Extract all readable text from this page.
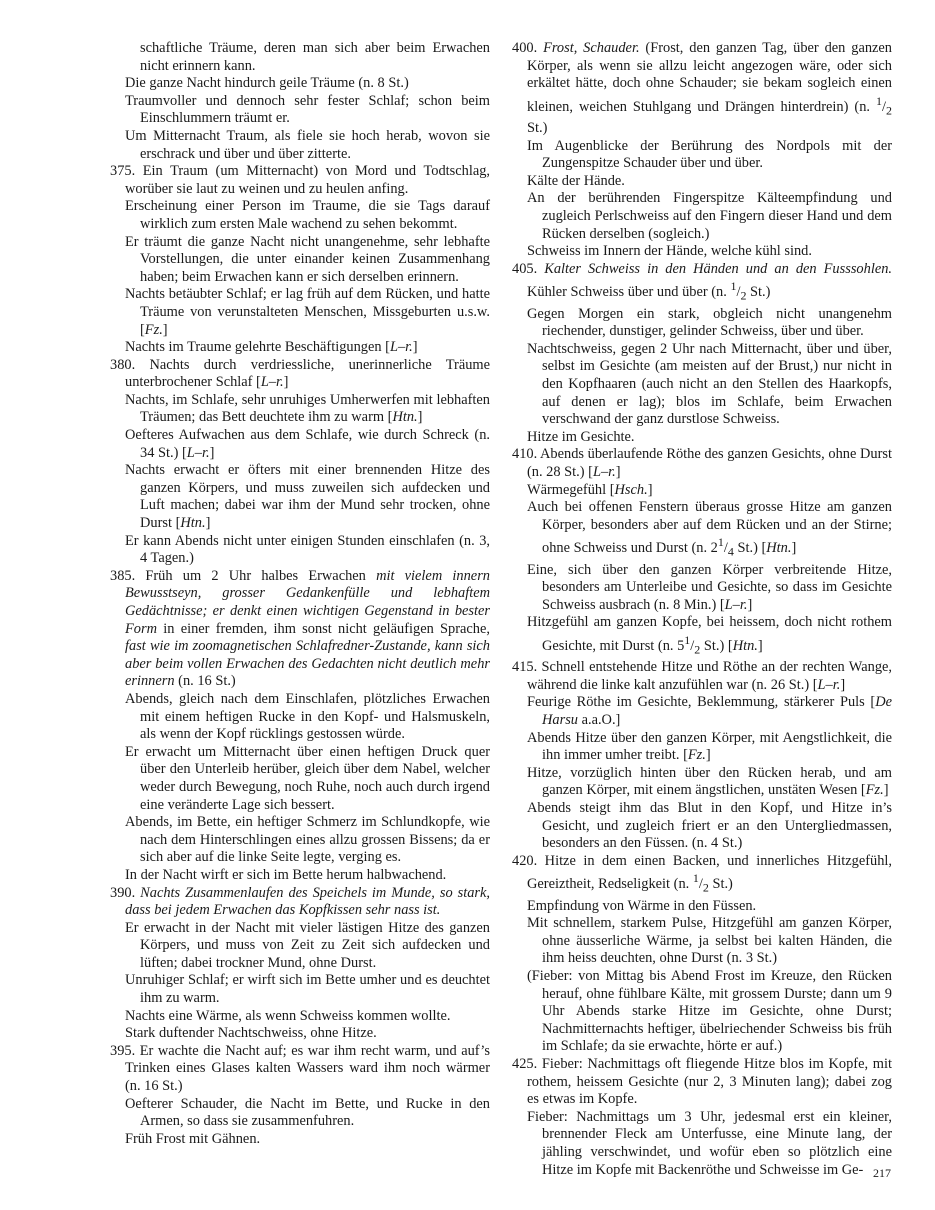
schaftliche Träume, deren man sich aber beim Erwachen nicht erinnern kann.

Die ganze Nacht hindurch geile Träume (n. 8 St.)

Traumvoller und dennoch sehr fester Schlaf; schon beim Einschlummern träumt er.

Um Mitternacht Traum, als fiele sie hoch herab, wovon sie erschrack und über und über zitterte.

375. Ein Traum (um Mitternacht) von Mord und Todtschlag, worüber sie laut zu weinen und zu heulen anfing.

Erscheinung einer Person im Traume, die sie Tags darauf wirklich zum ersten Male wachend zu sehen bekommt.

Er träumt die ganze Nacht nicht unangenehme, sehr lebhafte Vorstellungen, die unter einander keinen Zusammenhang haben; beim Erwachen kann er sich derselben erinnern.

Nachts betäubter Schlaf; er lag früh auf dem Rücken, und hatte Träume von verunstalteten Menschen, Missgeburten u.s.w. [Fz.]

Nachts im Traume gelehrte Beschäftigungen [L–r.]

380. Nachts durch verdriessliche, unerinnerliche Träume unterbrochener Schlaf [L–r.]

Nachts, im Schlafe, sehr unruhiges Umherwerfen mit lebhaften Träumen; das Bett deuchtete ihm zu warm [Htn.]

Oefteres Aufwachen aus dem Schlafe, wie durch Schreck (n. 34 St.) [L–r.]

Nachts erwacht er öfters mit einer brennenden Hitze des ganzen Körpers, und muss zuweilen sich aufdecken und Luft machen; dabei war ihm der Mund sehr trocken, ohne Durst [Htn.]

Er kann Abends nicht unter einigen Stunden einschlafen (n. 3, 4 Tagen.)

385. Früh um 2 Uhr halbes Erwachen mit vielem innern Bewusstseyn, grosser Gedankenfülle und lebhaftem Gedächtnisse; er denkt einen wichtigen Gegenstand in bester Form in einer fremden, ihm sonst nicht geläufigen Sprache, fast wie im zoomagnetischen Schlafredner-Zustande, kann sich aber beim vollen Erwachen des Gedachten nicht deutlich mehr erinnern (n. 16 St.)

Abends, gleich nach dem Einschlafen, plötzliches Erwachen mit einem heftigen Rucke in den Kopf- und Halsmuskeln, als wenn der Kopf rücklings gestossen würde.

Er erwacht um Mitternacht über einen heftigen Druck quer über den Unterleib herüber, gleich über dem Nabel, welcher weder durch Bewegung, noch Ruhe, noch auch durch irgend eine veränderte Lage sich bessert.

Abends, im Bette, ein heftiger Schmerz im Schlundkopfe, wie nach dem Hinterschlingen eines allzu grossen Bissens; da er sich aber auf die linke Seite legte, verging es.

In der Nacht wirft er sich im Bette herum halbwachend.

390. Nachts Zusammenlaufen des Speichels im Munde, so stark, dass bei jedem Erwachen das Kopfkissen sehr nass ist.

Er erwacht in der Nacht mit vieler lästigen Hitze des ganzen Körpers, und muss von Zeit zu Zeit sich aufdecken und lüften; dabei trockner Mund, ohne Durst.

Unruhiger Schlaf; er wirft sich im Bette umher und es deuchtet ihm zu warm.

Nachts eine Wärme, als wenn Schweiss kommen wollte.

Stark duftender Nachtschweiss, ohne Hitze.

395. Er wachte die Nacht auf; es war ihm recht warm, und auf’s Trinken eines Glases kalten Wassers ward ihm noch wärmer (n. 16 St.)

Oefterer Schauder, die Nacht im Bette, und Rucke in den Armen, so dass sie zusammenfuhren.

Früh Frost mit Gähnen.

400. Frost, Schauder. (Frost, den ganzen Tag, über den ganzen Körper, als wenn sie allzu leicht angezogen wäre, oder sich erkältet hätte, doch ohne Schauder; sie bekam sogleich einen kleinen, weichen Stuhlgang und Drängen hinterdrein) (n. $^1/_2$ St.)

Im Augenblicke der Berührung des Nordpols mit der Zungenspitze Schauder über und über.

Kälte der Hände.

An der berührenden Fingerspitze Kälteempfindung und zugleich Perlschweiss auf den Fingern dieser Hand und dem Rücken derselben (sogleich.)

Schweiss im Innern der Hände, welche kühl sind.

405. Kalter Schweiss in den Händen und an den Fusssohlen. Kühler Schweiss über und über (n. $^1/_2$ St.)

Gegen Morgen ein stark, obgleich nicht unangenehm riechender, dunstiger, gelinder Schweiss, über und über.

Nachtschweiss, gegen 2 Uhr nach Mitternacht, über und über, selbst im Gesichte (am meisten auf der Brust,) nur nicht in den Kopfhaaren (auch nicht an den Stellen des Haarkopfs, auf denen er lag); blos im Schlafe, beim Erwachen verschwand der ganz durstlose Schweiss.

Hitze im Gesichte.

410. Abends überlaufende Röthe des ganzen Gesichts, ohne Durst (n. 28 St.) [L–r.]

Wärmegefühl [Hsch.]

Auch bei offenen Fenstern überaus grosse Hitze am ganzen Körper, besonders aber auf dem Rücken und an der Stirne; ohne Schweiss und Durst (n. $2^1/_4$ St.) [Htn.]

Eine, sich über den ganzen Körper verbreitende Hitze, besonders am Unterleibe und Gesichte, so dass im Gesichte Schweiss ausbrach (n. 8 Min.) [L–r.]

Hitzgefühl am ganzen Kopfe, bei heissem, doch nicht rothem Gesichte, mit Durst (n. $5^1/_2$ St.) [Htn.]

415. Schnell entstehende Hitze und Röthe an der rechten Wange, während die linke kalt anzufühlen war (n. 26 St.) [L–r.]

Feurige Röthe im Gesichte, Beklemmung, stärkerer Puls [De Harsu a.a.O.]

Abends Hitze über den ganzen Körper, mit Aengstlichkeit, die ihn immer umher treibt. [Fz.]

Hitze, vorzüglich hinten über den Rücken herab, und am ganzen Körper, mit einem ängstlichen, unstäten Wesen [Fz.]

Abends steigt ihm das Blut in den Kopf, und Hitze in’s Gesicht, und zugleich friert er an den Untergliedmassen, besonders an den Füssen. (n. 4 St.)

420. Hitze in dem einen Backen, und innerliches Hitzgefühl, Gereiztheit, Redseligkeit (n. $^1/_2$ St.)

Empfindung von Wärme in den Füssen.

Mit schnellem, starkem Pulse, Hitzgefühl am ganzen Körper, ohne äusserliche Wärme, ja selbst bei kalten Händen, die ihm heiss deuchten, ohne Durst (n. 3 St.)

(Fieber: von Mittag bis Abend Frost im Kreuze, den Rücken herauf, ohne fühlbare Kälte, mit grossem Durste; dann um 9 Uhr Abends starke Hitze im Gesichte, ohne Durst; Nachmitternachts heftiger, übelriechender Schweiss bis früh im Schlafe; da sie erwachte, hörte er auf.)

425. Fieber: Nachmittags oft fliegende Hitze blos im Kopfe, mit rothem, heissem Gesichte (nur 2, 3 Minuten lang); dabei zog es etwas im Kopfe.

Fieber: Nachmittags um 3 Uhr, jedesmal erst ein kleiner, brennender Fleck am Unterfusse, eine Minute lang, der jähling verschwindet, und wofür eben so plötzlich eine Hitze im Kopfe mit Backenröthe und Schweisse im Ge- 217
